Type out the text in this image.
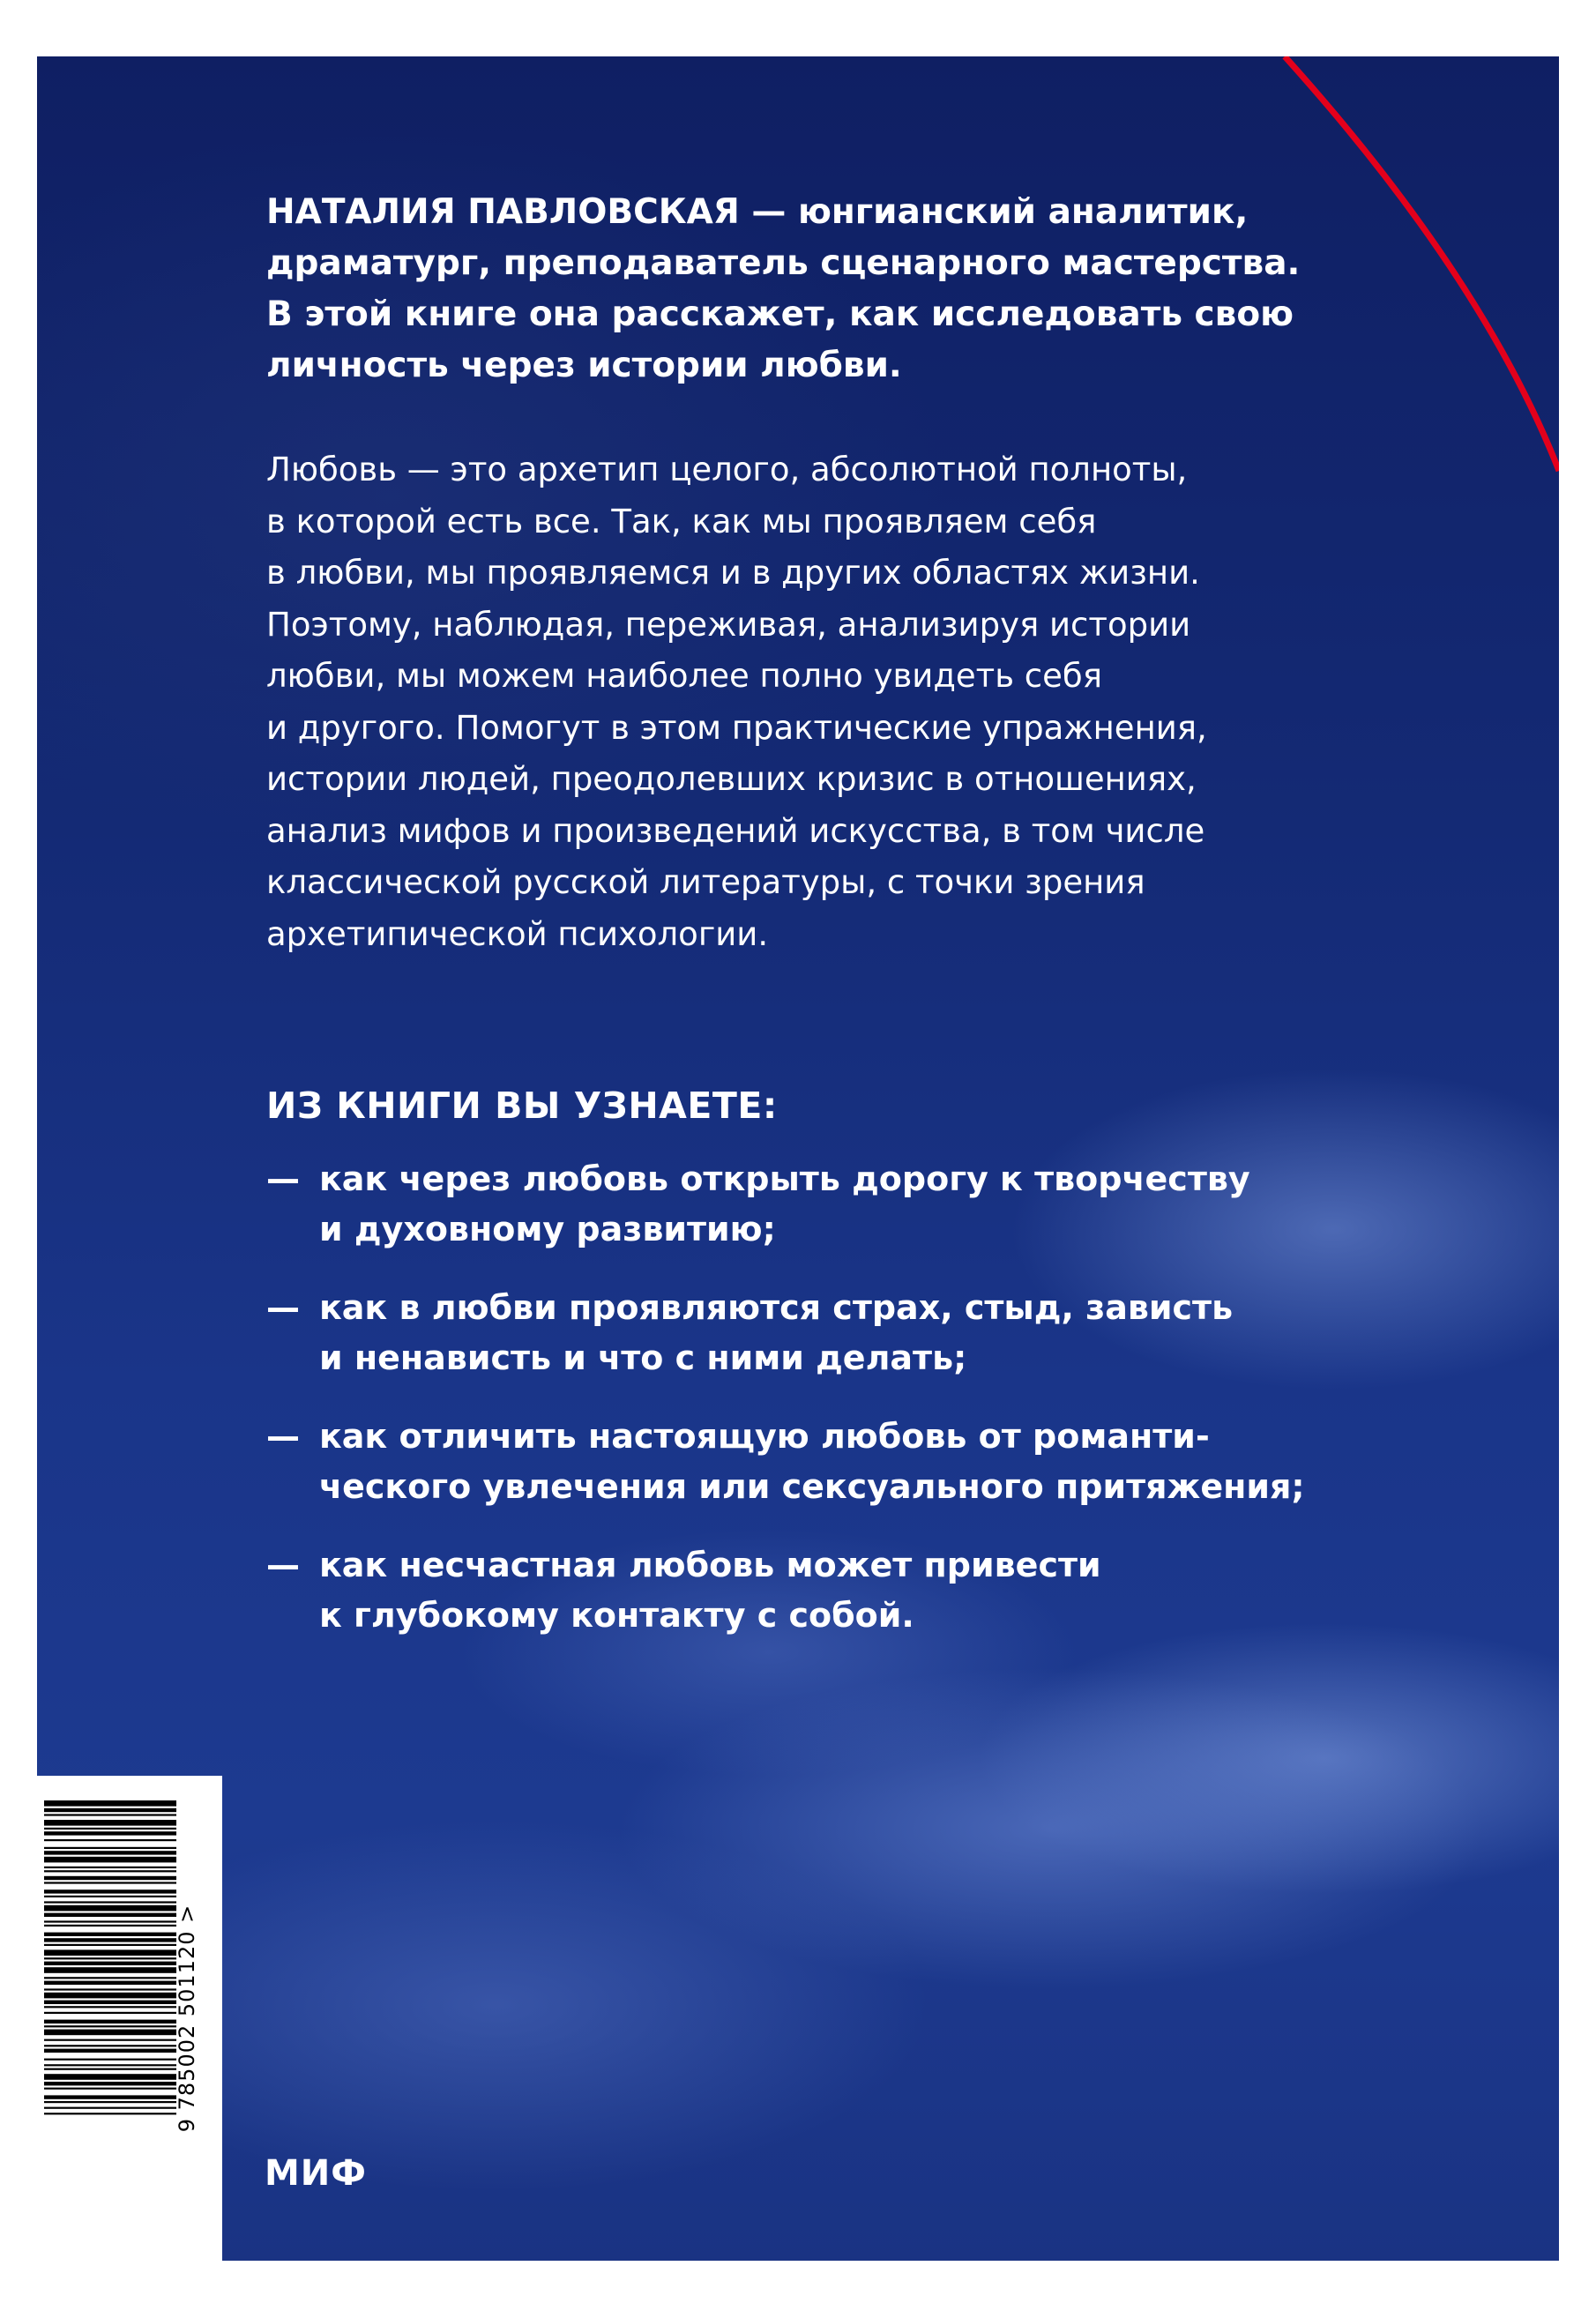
НАТАЛИЯ ПАВЛОВСКАЯ — юнгианский аналитик,
драматург, преподаватель сценарного мастерства.
В этой книге она расскажет, как исследовать свою
личность через истории любви.

Любовь — это архетип целого, абсолютной полноты,
в которой есть все. Так, как мы проявляем себя
в любви, мы проявляемся и в других областях жизни.
Поэтому, наблюдая, переживая, анализируя истории
любви, мы можем наиболее полно увидеть себя
и другого. Помогут в этом практические упражнения,
истории людей, преодолевших кризис в отношениях,
анализ мифов и произведений искусства, в том числе
классической русской литературы, с точки зрения
архетипической психологии.

ИЗ КНИГИ ВЫ УЗНАЕТЕ:

— как через любовь открыть дорогу к творчеству
и духовному развитию;
— как в любви проявляются страх, стыд, зависть
и ненависть и что с ними делать;
— как отличить настоящую любовь от романти-
ческого увлечения или сексуального притяжения;
— как несчастная любовь может привести
к глубокому контакту с собой.
9 785002 501120 >
МИФ
